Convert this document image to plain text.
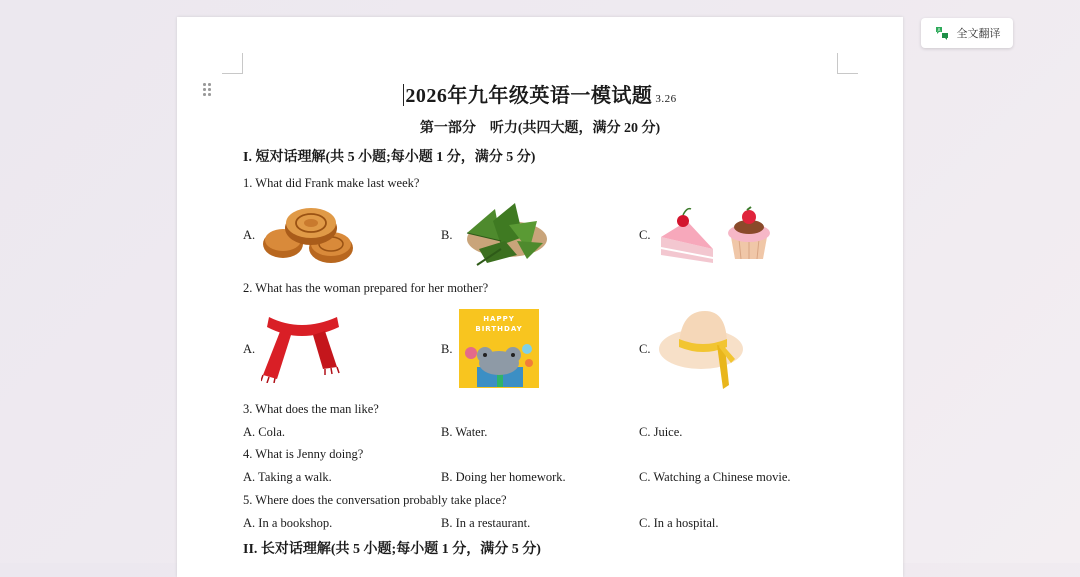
2026年九年级英语一模试题 3.26
第一部分　听力(共四大题，满分 20 分)
I. 短对话理解(共 5 小题;每小题 1 分，满分 5 分)
1. What did Frank make last week?
A.	B.	C.
2. What has the woman prepared for her mother?
A.	B.	C.
HAPPY
BIRTHDAY
3. What does the man like?
A. Cola.	B. Water.	C. Juice.
4. What is Jenny doing?
A. Taking a walk.	B. Doing her homework.	C. Watching a Chinese movie.
5. Where does the conversation probably take place?
A. In a bookshop.	B. In a restaurant.	C. In a hospital.
II. 长对话理解(共 5 小题;每小题 1 分，满分 5 分)
A 全文翻译
